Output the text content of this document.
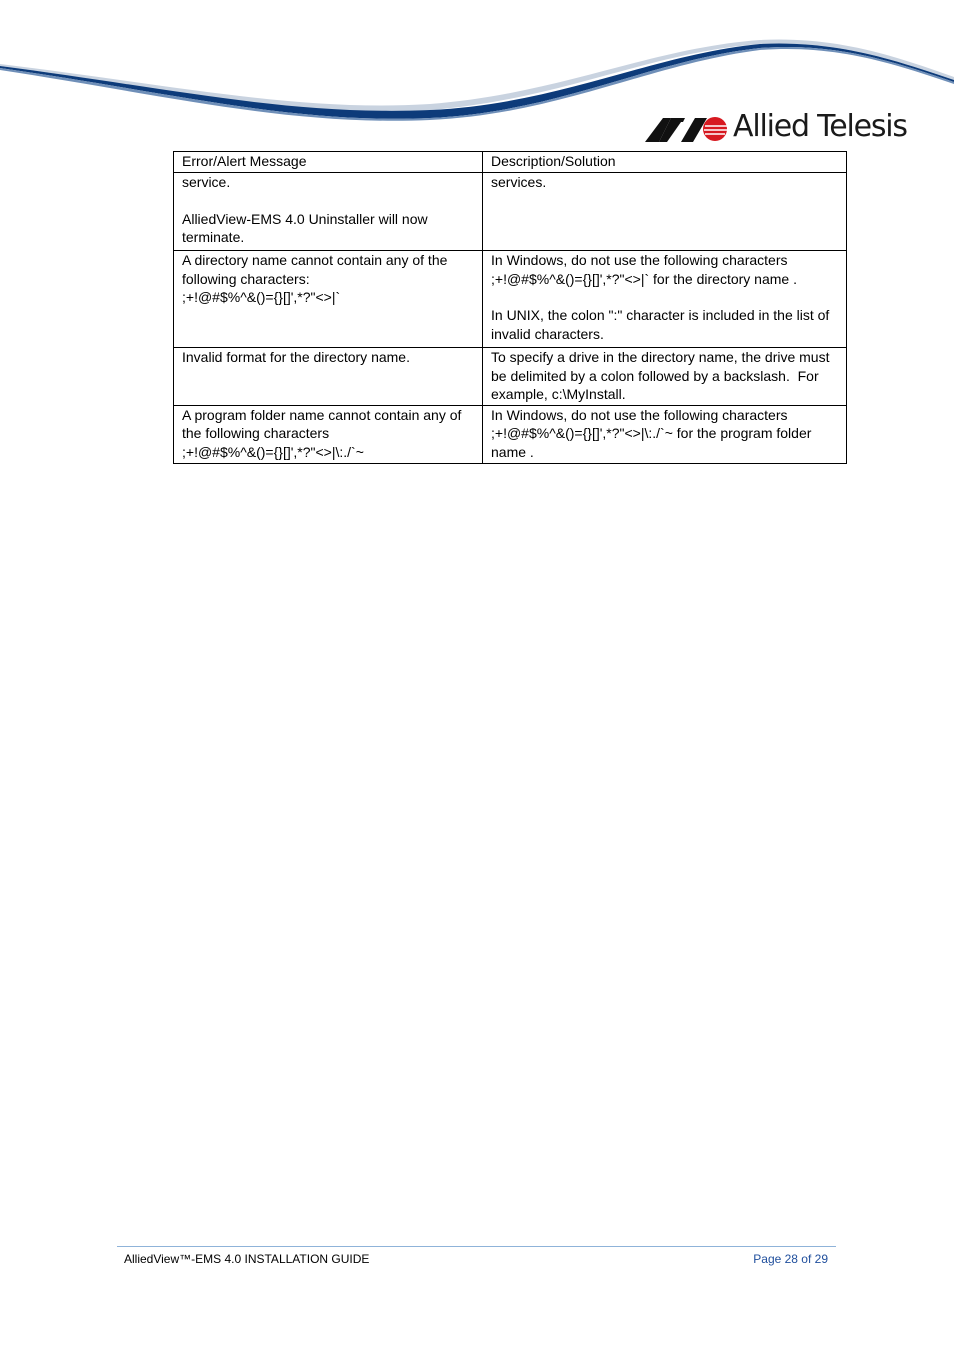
Allied Telesis
Error/Alert Message	Description/Solution

service.
AlliedView-EMS 4.0 Uninstaller will now terminate.	services.

A directory name cannot contain any of the following characters:
;+!@#$%^&()={}[]',*?"<>|`	In Windows, do not use the following characters ;+!@#$%^&()={}[]',*?"<>|` for the directory name .
In UNIX, the colon ":" character is included in the list of invalid characters.

Invalid format for the directory name.	To specify a drive in the directory name, the drive must be delimited by a colon followed by a backslash.  For example, c:\MyInstall.

A program folder name cannot contain any of the following characters
;+!@#$%^&()={}[]',*?"<>|\:./`~	In Windows, do not use the following characters ;+!@#$%^&()={}[]',*?"<>|\:./`~ for the program folder name .
AlliedView™-EMS 4.0 INSTALLATION GUIDE	Page 28 of 29
